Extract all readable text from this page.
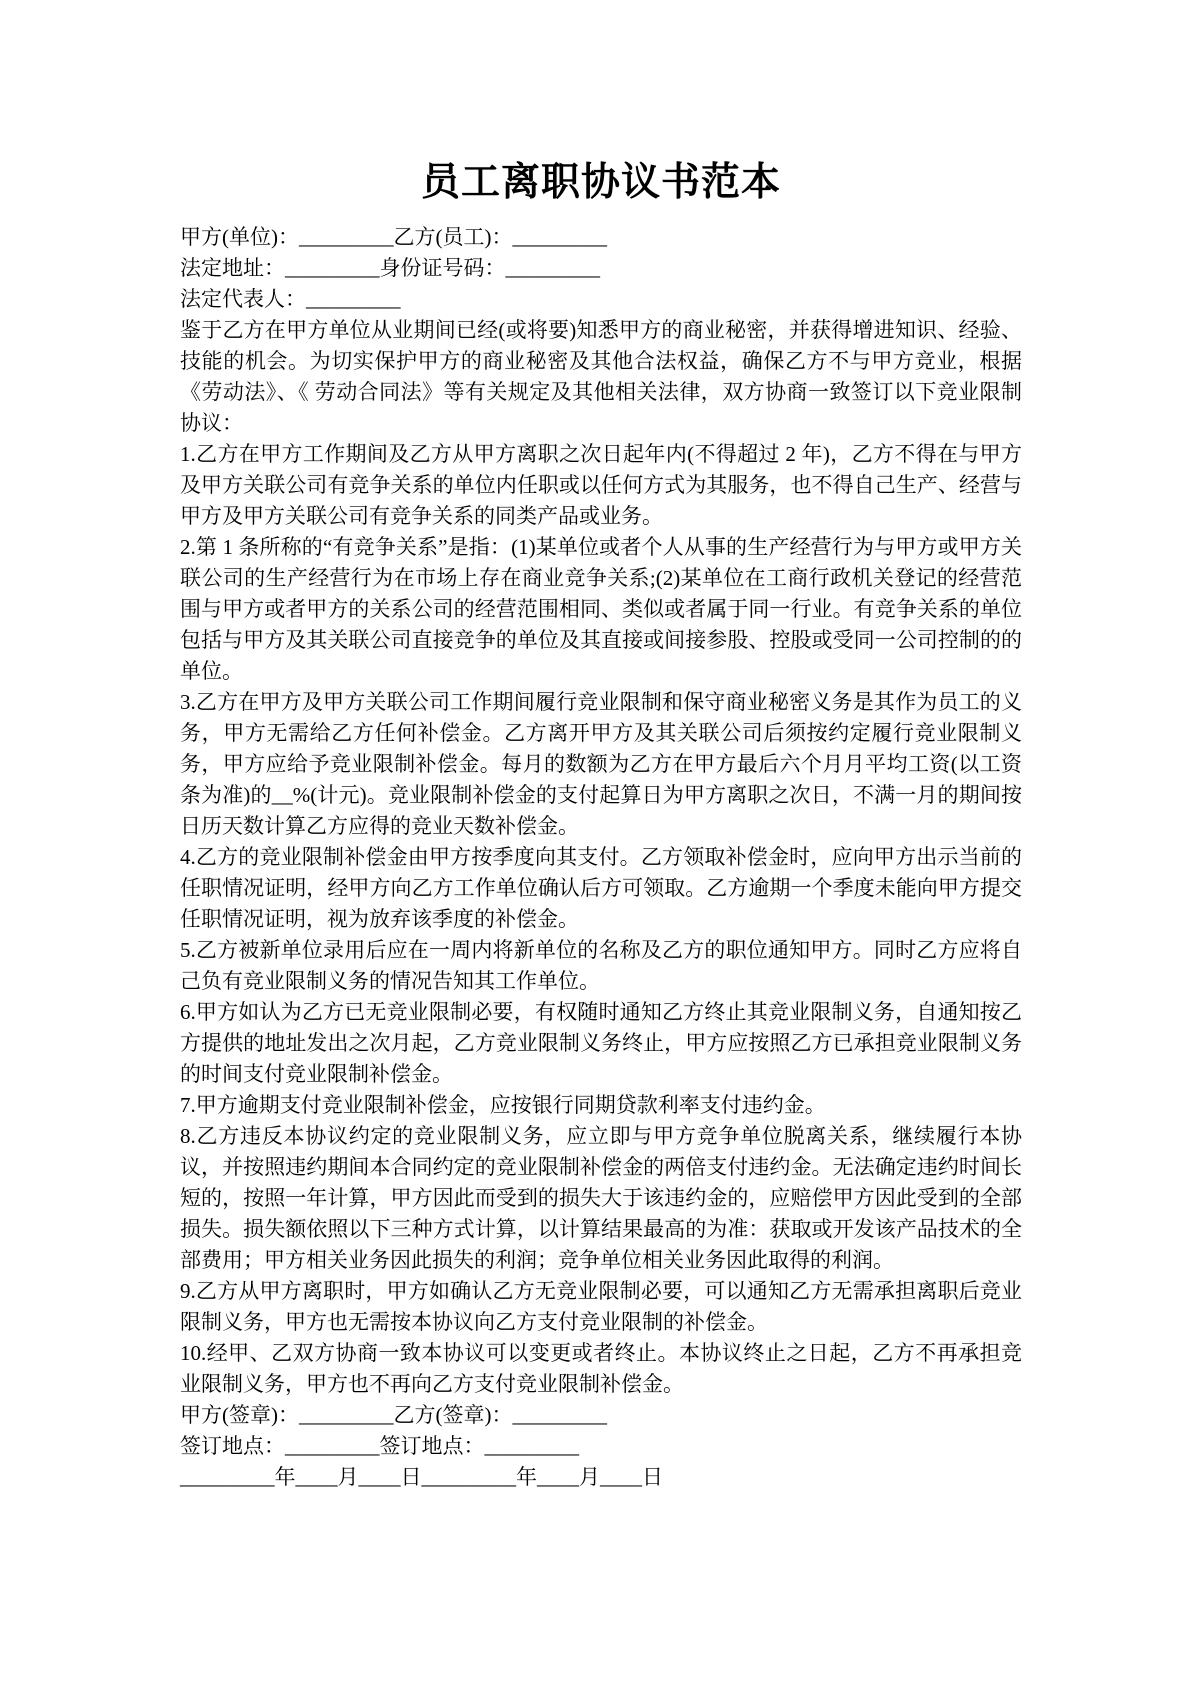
员工离职协议书范本

甲方(单位)：_________乙方(员工)：_________

法定地址：_________身份证号码：_________

法定代表人：_________

鉴于乙方在甲方单位从业期间已经(或将要)知悉甲方的商业秘密，并获得增进知识、经验、技能的机会。为切实保护甲方的商业秘密及其他合法权益，确保乙方不与甲方竞业，根据《劳动法》、《 劳动合同法》等有关规定及其他相关法律，双方协商一致签订以下竞业限制协议：

1.乙方在甲方工作期间及乙方从甲方离职之次日起年内(不得超过 2 年)，乙方不得在与甲方及甲方关联公司有竞争关系的单位内任职或以任何方式为其服务，也不得自己生产、经营与甲方及甲方关联公司有竞争关系的同类产品或业务。

2.第 1 条所称的“有竞争关系”是指：(1)某单位或者个人从事的生产经营行为与甲方或甲方关联公司的生产经营行为在市场上存在商业竞争关系;(2)某单位在工商行政机关登记的经营范围与甲方或者甲方的关系公司的经营范围相同、类似或者属于同一行业。有竞争关系的单位包括与甲方及其关联公司直接竞争的单位及其直接或间接参股、控股或受同一公司控制的的单位。

3.乙方在甲方及甲方关联公司工作期间履行竞业限制和保守商业秘密义务是其作为员工的义务，甲方无需给乙方任何补偿金。乙方离开甲方及其关联公司后须按约定履行竞业限制义务，甲方应给予竞业限制补偿金。每月的数额为乙方在甲方最后六个月月平均工资(以工资条为准)的__%(计元)。竞业限制补偿金的支付起算日为甲方离职之次日，不满一月的期间按日历天数计算乙方应得的竞业天数补偿金。

4.乙方的竞业限制补偿金由甲方按季度向其支付。乙方领取补偿金时，应向甲方出示当前的任职情况证明，经甲方向乙方工作单位确认后方可领取。乙方逾期一个季度未能向甲方提交任职情况证明，视为放弃该季度的补偿金。

5.乙方被新单位录用后应在一周内将新单位的名称及乙方的职位通知甲方。同时乙方应将自己负有竞业限制义务的情况告知其工作单位。

6.甲方如认为乙方已无竞业限制必要，有权随时通知乙方终止其竞业限制义务，自通知按乙方提供的地址发出之次月起，乙方竞业限制义务终止，甲方应按照乙方已承担竞业限制义务的时间支付竞业限制补偿金。

7.甲方逾期支付竞业限制补偿金，应按银行同期贷款利率支付违约金。

8.乙方违反本协议约定的竞业限制义务，应立即与甲方竞争单位脱离关系，继续履行本协议，并按照违约期间本合同约定的竞业限制补偿金的两倍支付违约金。无法确定违约时间长短的，按照一年计算，甲方因此而受到的损失大于该违约金的，应赔偿甲方因此受到的全部损失。损失额依照以下三种方式计算，以计算结果最高的为准：获取或开发该产品技术的全部费用；甲方相关业务因此损失的利润；竞争单位相关业务因此取得的利润。

9.乙方从甲方离职时，甲方如确认乙方无竞业限制必要，可以通知乙方无需承担离职后竞业限制义务，甲方也无需按本协议向乙方支付竞业限制的补偿金。

10.经甲、乙双方协商一致本协议可以变更或者终止。本协议终止之日起，乙方不再承担竞业限制义务，甲方也不再向乙方支付竞业限制补偿金。

甲方(签章)：_________乙方(签章)：_________

签订地点：_________签订地点：_________

_________年____月____日_________年____月____日
